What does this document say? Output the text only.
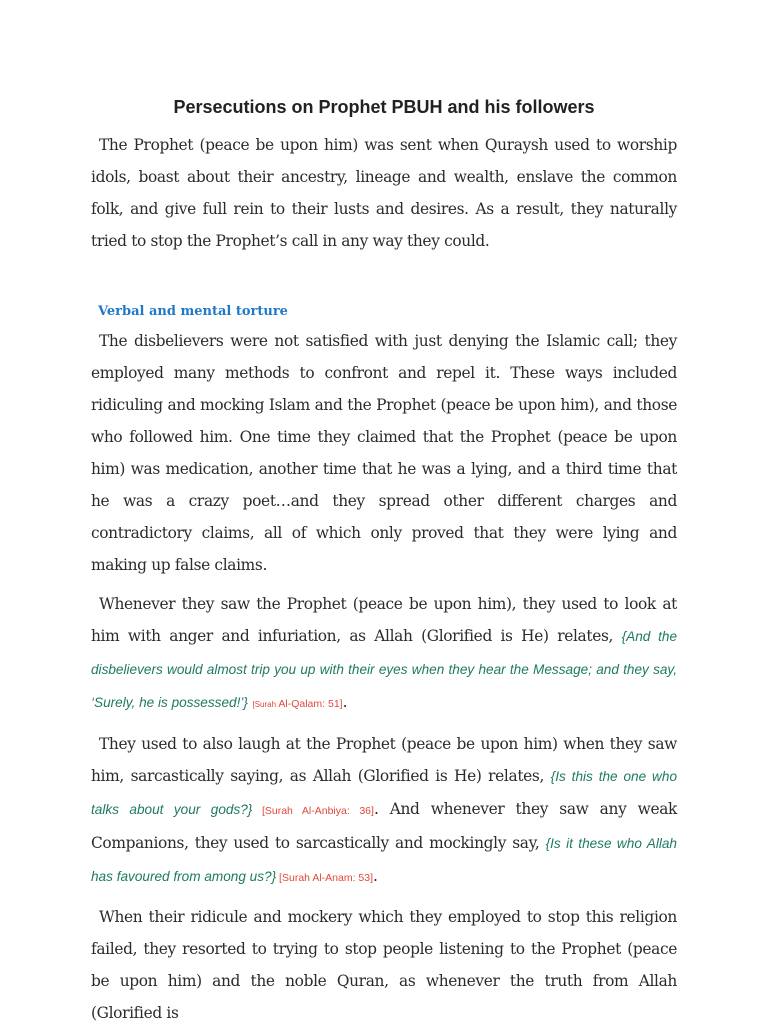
Persecutions on Prophet PBUH and his followers

The Prophet (peace be upon him) was sent when Quraysh used to worship idols, boast about their ancestry, lineage and wealth, enslave the common folk, and give full rein to their lusts and desires. As a result, they naturally tried to stop the Prophet’s call in any way they could.

Verbal and mental torture

The disbelievers were not satisfied with just denying the Islamic call; they employed many methods to confront and repel it. These ways included ridiculing and mocking Islam and the Prophet (peace be upon him), and those who followed him. One time they claimed that the Prophet (peace be upon him) was medication, another time that he was a lying, and a third time that he was a crazy poet…and they spread other different charges and contradictory claims, all of which only proved that they were lying and making up false claims.

Whenever they saw the Prophet (peace be upon him), they used to look at him with anger and infuriation, as Allah (Glorified is He) relates, {And the disbelievers would almost trip you up with their eyes when they hear the Message; and they say, ‘Surely, he is possessed!’} [Surah Al-Qalam: 51].

They used to also laugh at the Prophet (peace be upon him) when they saw him, sarcastically saying, as Allah (Glorified is He) relates, {Is this the one who talks about your gods?} [Surah Al-Anbiya: 36]. And whenever they saw any weak Companions, they used to sarcastically and mockingly say, {Is it these who Allah has favoured from among us?} [Surah Al-Anam: 53].

When their ridicule and mockery which they employed to stop this religion failed, they resorted to trying to stop people listening to the Prophet (peace be upon him) and the noble Quran, as whenever the truth from Allah (Glorified is
